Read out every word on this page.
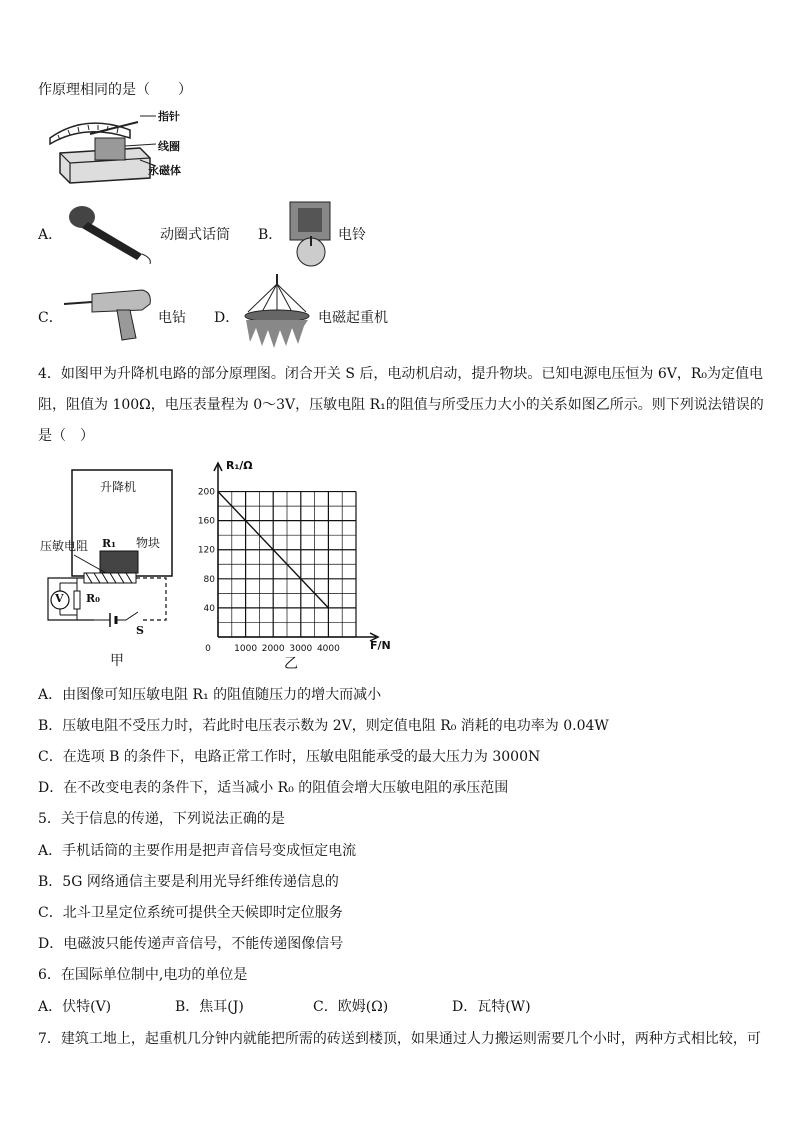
作原理相同的是（　　）
指针
线圈
永磁体
A．	动圈式话筒 B．	电铃
C．	电钻 D．	电磁起重机
4．如图甲为升降机电路的部分原理图。闭合开关 S 后，电动机启动，提升物块。已知电源电压恒为 6V，R₀为定值电
阻，阻值为 100Ω，电压表量程为 0～3V，压敏电阻 R₁的阻值与所受压力大小的关系如图乙所示。则下列说法错误的
是（　）
升降机
压敏电阻 R₁ 物块
V R₀
S
甲
0	1000 2000 3000 4000
40
80
120
160
200
R₁/Ω
F/N
乙
A．由图像可知压敏电阻 R₁ 的阻值随压力的增大而减小
B．压敏电阻不受压力时，若此时电压表示数为 2V，则定值电阻 R₀ 消耗的电功率为 0.04W
C．在选项 B 的条件下，电路正常工作时，压敏电阻能承受的最大压力为 3000N
D．在不改变电表的条件下，适当减小 R₀ 的阻值会增大压敏电阻的承压范围
5．关于信息的传递，下列说法正确的是
A．手机话筒的主要作用是把声音信号变成恒定电流
B．5G 网络通信主要是利用光导纤维传递信息的
C．北斗卫星定位系统可提供全天候即时定位服务
D．电磁波只能传递声音信号，不能传递图像信号
6．在国际单位制中,电功的单位是
A．伏特(V)	B．焦耳(J)	C．欧姆(Ω)	D．瓦特(W)
7．建筑工地上，起重机几分钟内就能把所需的砖送到楼顶，如果通过人力搬运则需要几个小时，两种方式相比较，可
